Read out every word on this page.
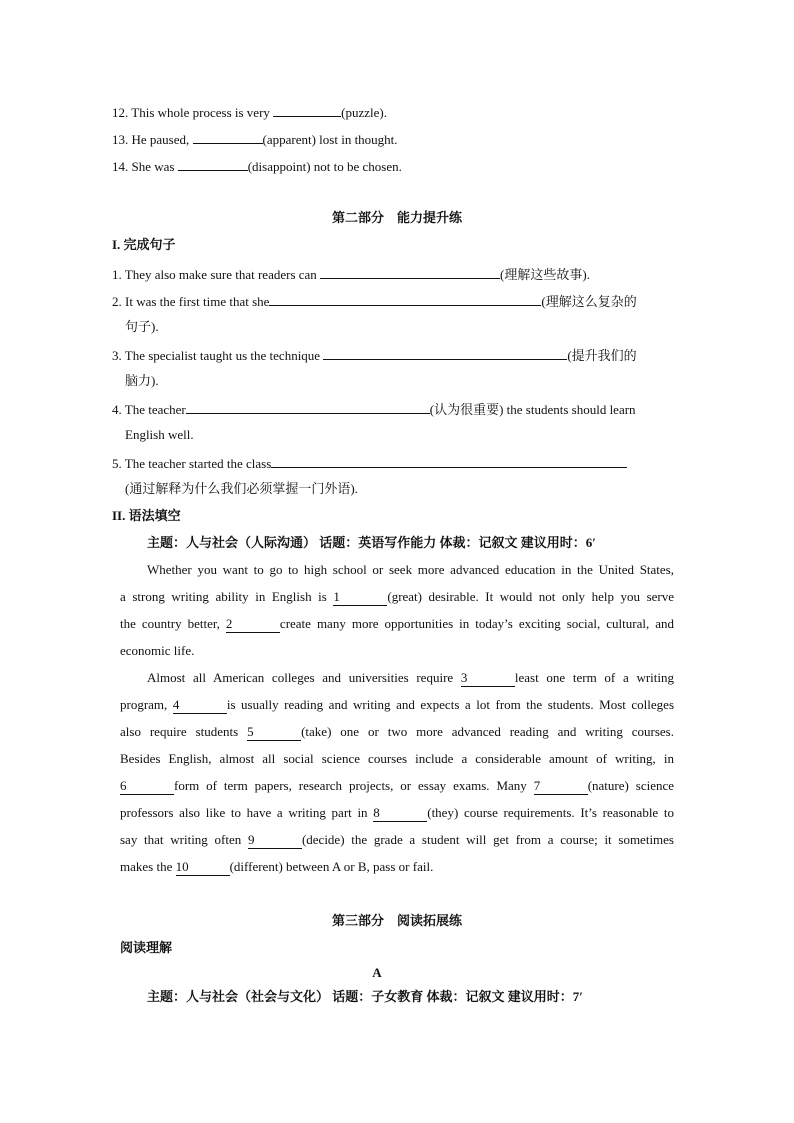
12. This whole process is very	(puzzle).
13. He paused,	(apparent) lost in thought.
14. She was	(disappoint) not to be chosen.
第二部分　能力提升练
I. 完成句子
1. They also make sure that readers can	(理解这些故事).
2. It was the first time that she	(理解这么复杂的
句子).
3. The specialist taught us the technique	(提升我们的
脑力).
4. The teacher	(认为很重要) the students should learn
English well.
5. The teacher started the class
(通过解释为什么我们必须掌握一门外语).
II. 语法填空
主题：人与社会（人际沟通） 话题：英语写作能力 体裁：记叙文 建议用时：6′
Whether you want to go to high school or seek more advanced education in the United States,
a strong writing ability in English is 1	(great) desirable. It would not only help you serve
the country better, 2	create many more opportunities in today’s exciting social, cultural, and
economic life.
Almost all American colleges and universities require 3	least one term of a writing
program, 4	is usually reading and writing and expects a lot from the students. Most colleges
also require students 5	(take) one or two more advanced reading and writing courses.
Besides English, almost all social science courses include a considerable amount of writing, in
6	form of term papers, research projects, or essay exams. Many 7	(nature) science
professors also like to have a writing part in 8	(they) course requirements. It’s reasonable to
say that writing often 9	(decide) the grade a student will get from a course; it sometimes
makes the 10	(different) between A or B, pass or fail.
第三部分　阅读拓展练
阅读理解
A
主题：人与社会（社会与文化） 话题：子女教育 体裁：记叙文 建议用时：7′
